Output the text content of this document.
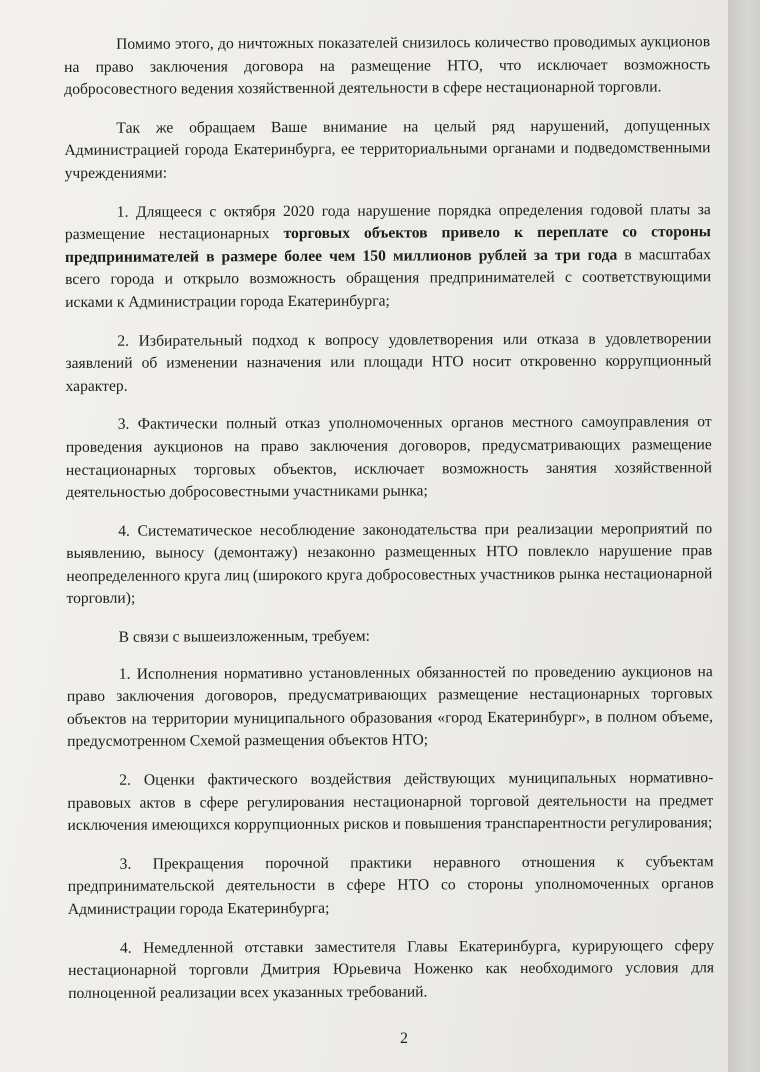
Помимо этого, до ничтожных показателей снизилось количество проводимых аукционов на право заключения договора на размещение НТО, что исключает возможность добросовестного ведения хозяйственной деятельности в сфере нестационарной торговли.

Так же обращаем Ваше внимание на целый ряд нарушений, допущенных Администрацией города Екатеринбурга, ее территориальными органами и подведомственными учреждениями:

1. Длящееся с октября 2020 года нарушение порядка определения годовой платы за размещение нестационарных торговых объектов привело к переплате со стороны предпринимателей в размере более чем 150 миллионов рублей за три года в масштабах всего города и открыло возможность обращения предпринимателей с соответствующими исками к Администрации города Екатеринбурга;

2. Избирательный подход к вопросу удовлетворения или отказа в удовлетворении заявлений об изменении назначения или площади НТО носит откровенно коррупционный характер.

3. Фактически полный отказ уполномоченных органов местного самоуправления от проведения аукционов на право заключения договоров, предусматривающих размещение нестационарных торговых объектов, исключает возможность занятия хозяйственной деятельностью добросовестными участниками рынка;

4. Систематическое несоблюдение законодательства при реализации мероприятий по выявлению, выносу (демонтажу) незаконно размещенных НТО повлекло нарушение прав неопределенного круга лиц (широкого круга добросовестных участников рынка нестационарной торговли);

В связи с вышеизложенным, требуем:

1. Исполнения нормативно установленных обязанностей по проведению аукционов на право заключения договоров, предусматривающих размещение нестационарных торговых объектов на территории муниципального образования «город Екатеринбург», в полном объеме, предусмотренном Схемой размещения объектов НТО;

2. Оценки фактического воздействия действующих муниципальных нормативно-правовых актов в сфере регулирования нестационарной торговой деятельности на предмет исключения имеющихся коррупционных рисков и повышения транспарентности регулирования;

3. Прекращения порочной практики неравного отношения к субъектам предпринимательской деятельности в сфере НТО со стороны уполномоченных органов Администрации города Екатеринбурга;

4. Немедленной отставки заместителя Главы Екатеринбурга, курирующего сферу нестационарной торговли Дмитрия Юрьевича Ноженко как необходимого условия для полноценной реализации всех указанных требований.

2
